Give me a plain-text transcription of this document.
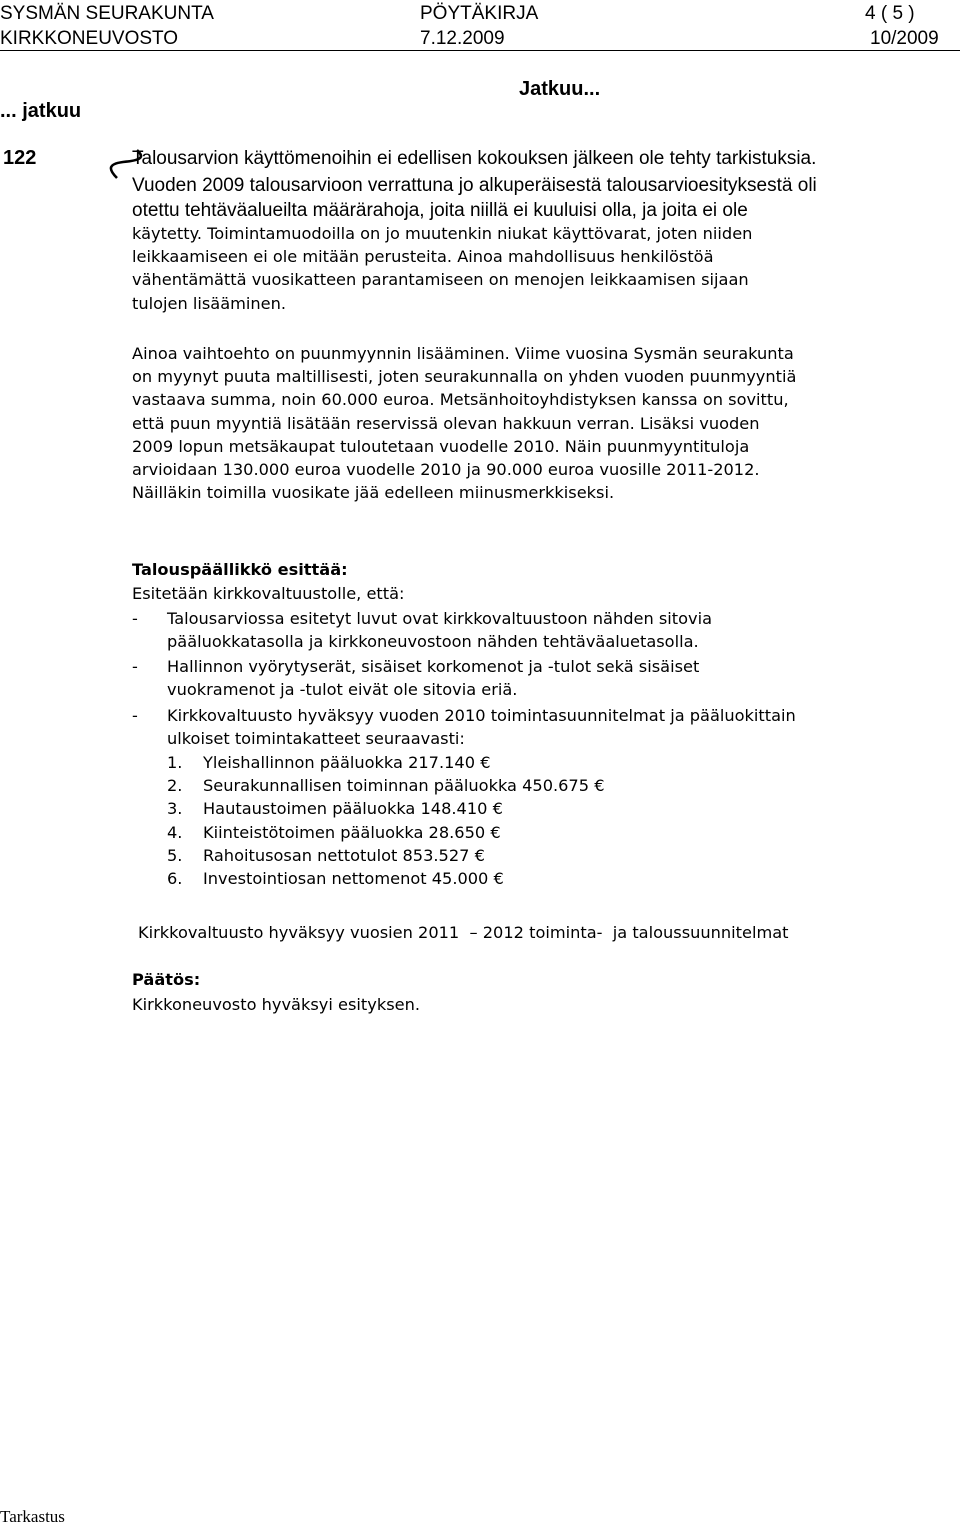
SYSMÄN SEURAKUNTA	PÖYTÄKIRJA	4 ( 5 )
KIRKKONEUVOSTO	7.12.2009	10/2009
... jatkuu
Jatkuu...
122	Talousarvion käyttömenoihin ei edellisen kokouksen jälkeen ole tehty tarkistuksia.
Vuoden 2009 talousarvioon verrattuna jo alkuperäisestä talousarvioesityksestä oli
otettu tehtäväalueilta määrärahoja, joita niillä ei kuuluisi olla, ja joita ei ole
käytetty. Toimintamuodoilla on jo muutenkin niukat käyttövarat, joten niiden
leikkaamiseen ei ole mitään perusteita. Ainoa mahdollisuus henkilöstöä
vähentämättä vuosikatteen parantamiseen on menojen leikkaamisen sijaan
tulojen lisääminen.
Ainoa vaihtoehto on puunmyynnin lisääminen. Viime vuosina Sysmän seurakunta
on myynyt puuta maltillisesti, joten seurakunnalla on yhden vuoden puunmyyntiä
vastaava summa, noin 60.000 euroa. Metsänhoitoyhdistyksen kanssa on sovittu,
että puun myyntiä lisätään reservissä olevan hakkuun verran. Lisäksi vuoden
2009 lopun metsäkaupat tuloutetaan vuodelle 2010. Näin puunmyyntituloja
arvioidaan 130.000 euroa vuodelle 2010 ja 90.000 euroa vuosille 2011-2012.
Näilläkin toimilla vuosikate jää edelleen miinusmerkkiseksi.
Talouspäällikkö esittää:
Esitetään kirkkovaltuustolle, että:
- Talousarviossa esitetyt luvut ovat kirkkovaltuustoon nähden sitovia
pääluokkatasolla ja kirkkoneuvostoon nähden tehtäväaluetasolla.
- Hallinnon vyörytyserät, sisäiset korkomenot ja -tulot sekä sisäiset
vuokramenot ja -tulot eivät ole sitovia eriä.
- Kirkkovaltuusto hyväksyy vuoden 2010 toimintasuunnitelmat ja pääluokittain
ulkoiset toimintakatteet seuraavasti:
1. Yleishallinnon pääluokka 217.140 €
2. Seurakunnallisen toiminnan pääluokka 450.675 €
3. Hautaustoimen pääluokka 148.410 €
4. Kiinteistötoimen pääluokka 28.650 €
5. Rahoitusosan nettotulot 853.527 €
6. Investointiosan nettomenot 45.000 €
Kirkkovaltuusto hyväksyy vuosien 2011  – 2012 toiminta-  ja taloussuunnitelmat
Päätös:
Kirkkoneuvosto hyväksyi esityksen.
Tarkastus
